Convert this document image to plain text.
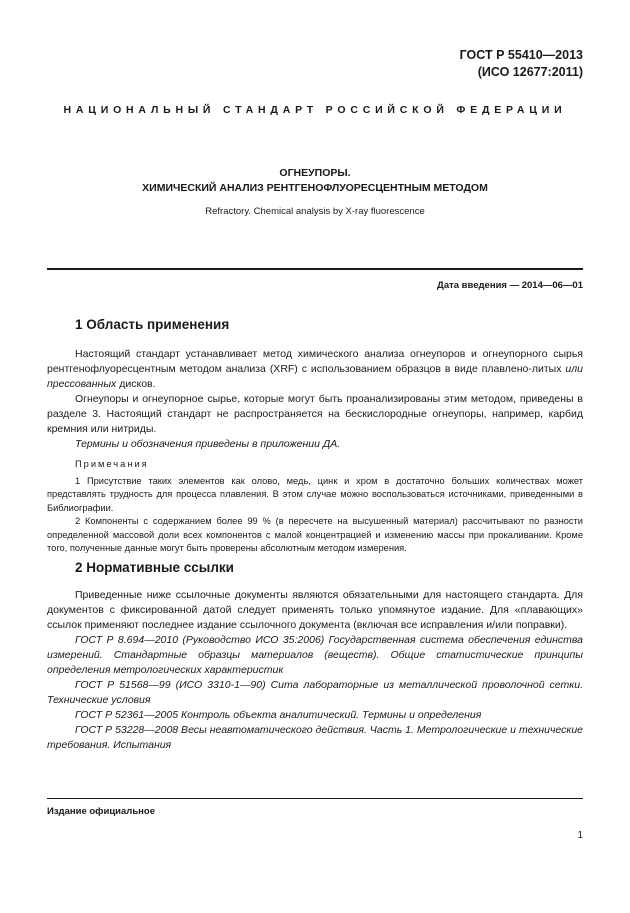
ГОСТ Р 55410—2013
(ИСО 12677:2011)
НАЦИОНАЛЬНЫЙ СТАНДАРТ РОССИЙСКОЙ ФЕДЕРАЦИИ
ОГНЕУПОРЫ.
ХИМИЧЕСКИЙ АНАЛИЗ РЕНТГЕНОФЛУОРЕСЦЕНТНЫМ МЕТОДОМ
Refractory. Chemical analysis by X-ray fluorescence
Дата введения — 2014—06—01
1 Область применения

Настоящий стандарт устанавливает метод химического анализа огнеупоров и огнеупорного сырья рентгенофлуоресцентным методом анализа (XRF) с использованием образцов в виде плавлено-литых или прессованных дисков.

Огнеупоры и огнеупорное сырье, которые могут быть проанализированы этим методом, приведены в разделе 3. Настоящий стандарт не распространяется на бескислородные огнеупоры, например, карбид кремния или нитриды.

Термины и обозначения приведены в приложении ДА.

Примечания

1 Присутствие таких элементов как олово, медь, цинк и хром в достаточно больших количествах может представлять трудность для процесса плавления. В этом случае можно воспользоваться источниками, приведенными в Библиографии.

2 Компоненты с содержанием более 99 % (в пересчете на высушенный материал) рассчитывают по разности определенной массовой доли всех компонентов с малой концентрацией и изменению массы при прокаливании. Кроме того, полученные данные могут быть проверены абсолютным методом измерения.

2 Нормативные ссылки

Приведенные ниже ссылочные документы являются обязательными для настоящего стандарта. Для документов с фиксированной датой следует применять только упомянутое издание. Для «плавающих» ссылок применяют последнее издание ссылочного документа (включая все исправления и/или поправки).

ГОСТ Р 8.694—2010 (Руководство ИСО 35:2006) Государственная система обеспечения единства измерений. Стандартные образцы материалов (веществ). Общие статистические принципы определения метрологических характеристик

ГОСТ Р 51568—99 (ИСО 3310-1—90) Сита лабораторные из металлической проволочной сетки. Технические условия

ГОСТ Р 52361—2005 Контроль объекта аналитический. Термины и определения

ГОСТ Р 53228—2008 Весы неавтоматического действия. Часть 1. Метрологические и технические требования. Испытания

Издание официальное
1
